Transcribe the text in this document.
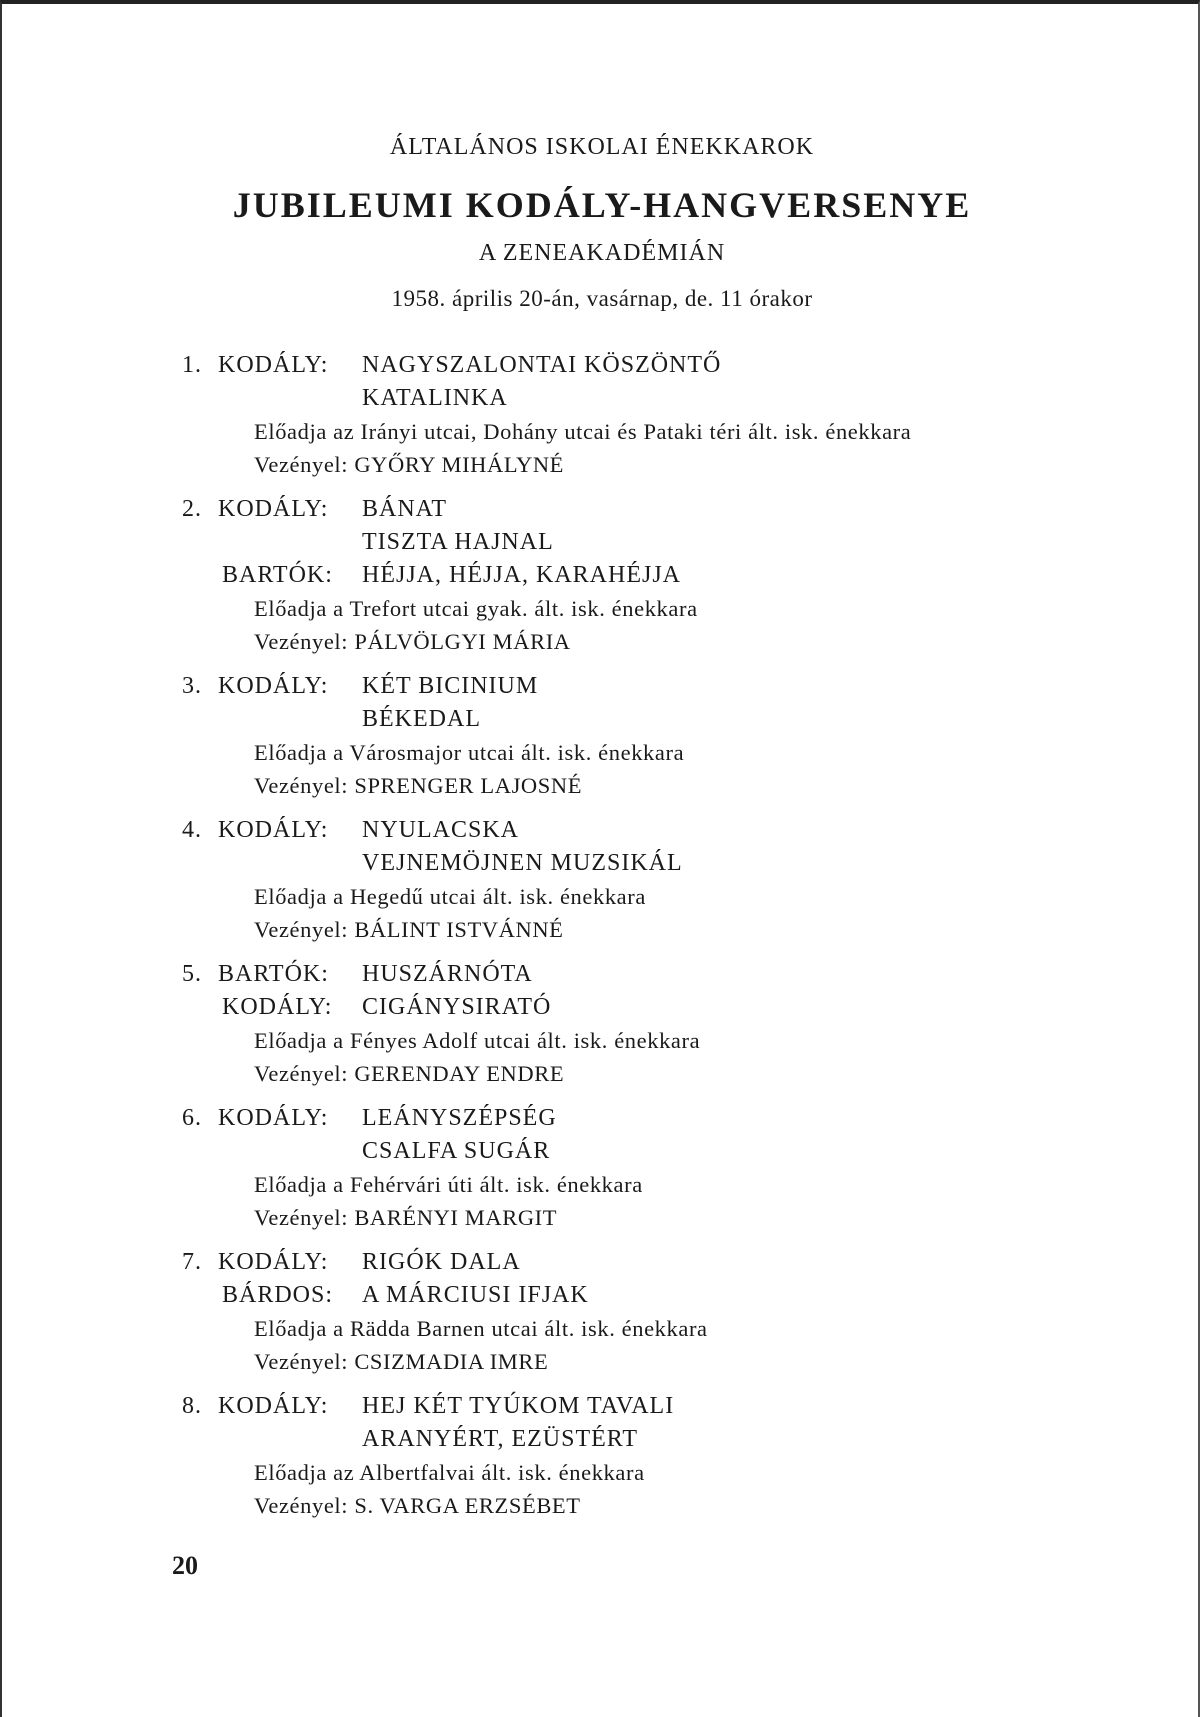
ÁLTALÁNOS ISKOLAI ÉNEKKAROK
JUBILEUMI KODÁLY-HANGVERSENYE
A ZENEAKADÉMIÁN
1958. április 20-án, vasárnap, de. 11 órakor
1. KODÁLY: NAGYSZALONTAI KÖSZÖNTŐ
KATALINKA
Előadja az Irányi utcai, Dohány utcai és Pataki téri ált. isk. énekkara
Vezényel: GYŐRY MIHÁLYNÉ
2. KODÁLY: BÁNAT
TISZTA HAJNAL
BARTÓK: HÉJJA, HÉJJA, KARAHÉJJA
Előadja a Trefort utcai gyak. ált. isk. énekkara
Vezényel: PÁLVÖLGYI MÁRIA
3. KODÁLY: KÉT BICINIUM
BÉKEDAL
Előadja a Városmajor utcai ált. isk. énekkara
Vezényel: SPRENGER LAJOSNÉ
4. KODÁLY: NYULACSKA
VEJNEMÖJNEN MUZSIKÁL
Előadja a Hegedű utcai ált. isk. énekkara
Vezényel: BÁLINT ISTVÁNNÉ
5. BARTÓK: HUSZÁRNÓTA
KODÁLY: CIGÁNYSIRATÓ
Előadja a Fényes Adolf utcai ált. isk. énekkara
Vezényel: GERENDAY ENDRE
6. KODÁLY: LEÁNYSZÉPSÉG
CSALFA SUGÁR
Előadja a Fehérvári úti ált. isk. énekkara
Vezényel: BARÉNYI MARGIT
7. KODÁLY: RIGÓK DALA
BÁRDOS: A MÁRCIUSI IFJAK
Előadja a Rädda Barnen utcai ált. isk. énekkara
Vezényel: CSIZMADIA IMRE
8. KODÁLY: HEJ KÉT TYÚKOM TAVALI
ARANYÉRT, EZÜSTÉRT
Előadja az Albertfalvai ált. isk. énekkara
Vezényel: S. VARGA ERZSÉBET
20
